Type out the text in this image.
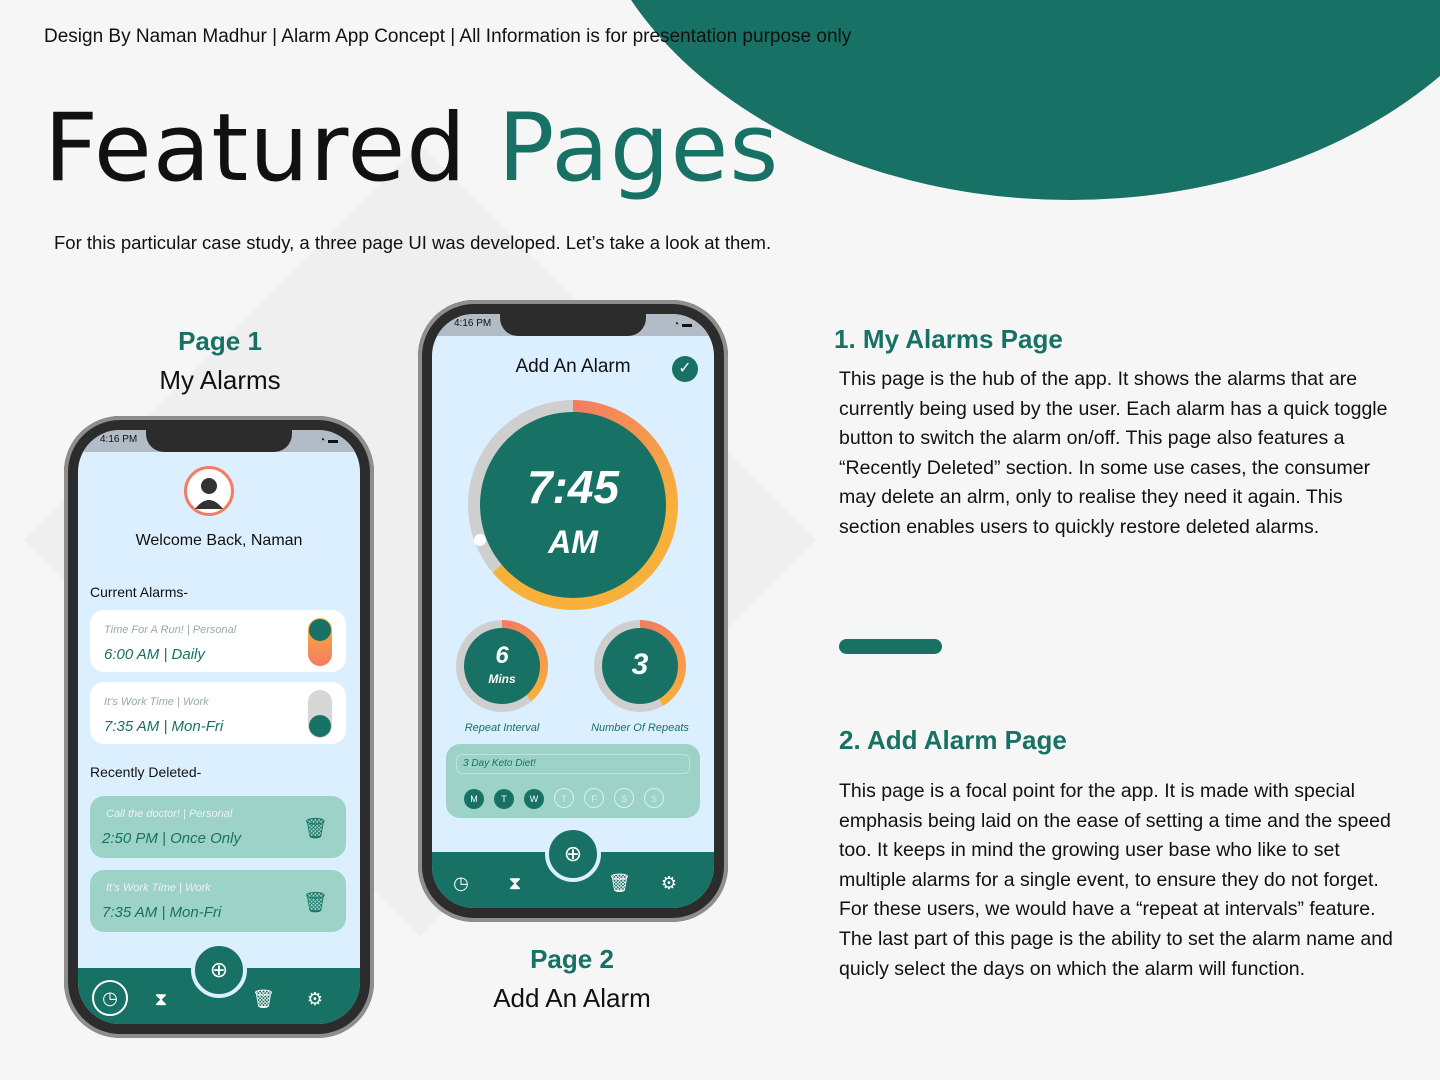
Design By Naman Madhur | Alarm App Concept | All Information is for presentation purpose only
Featured Pages
For this particular case study, a three page UI was developed. Let’s take a look at them.
Page 1
My Alarms
4:16 PM	◔ ▬
Welcome Back, Naman
Current Alarms-
Time For A Run! | Personal
6:00 AM | Daily
It’s Work Time | Work
7:35 AM | Mon-Fri
Recently Deleted-
Call the doctor! | Personal
2:50 PM | Once Only	🗑
It’s Work Time | Work
7:35 AM | Mon-Fri	🗑
◷	⧗	🗑 ⚙
⊕
4:16 PM	◔ ▬
Add An Alarm	✓
7:45
AM
6
Mins
Repeat Interval
3
Number Of Repeats
3 Day Keto Diet!
M	T	W	T	F	S	S
◷ ⧗	🗑 ⚙
⊕
Page 2
Add An Alarm
1. My Alarms Page
This page is the hub of the app. It shows the alarms that are currently being used by the user. Each alarm has a quick toggle button to switch the alarm on/off. This page also features a “Recently Deleted” section. In some use cases, the consumer may delete an alrm, only to realise they need it again. This section enables users to quickly restore deleted alarms.
2. Add Alarm Page
This page is a focal point for the app. It is made with special emphasis being laid on the ease of setting a time and the speed too. It keeps in mind the growing user base who like to set multiple alarms for a single event, to ensure they do not forget. For these users, we would have a “repeat at intervals” feature. The last part of this page is the ability to set the alarm name and quicly select the days on which the alarm will function.
